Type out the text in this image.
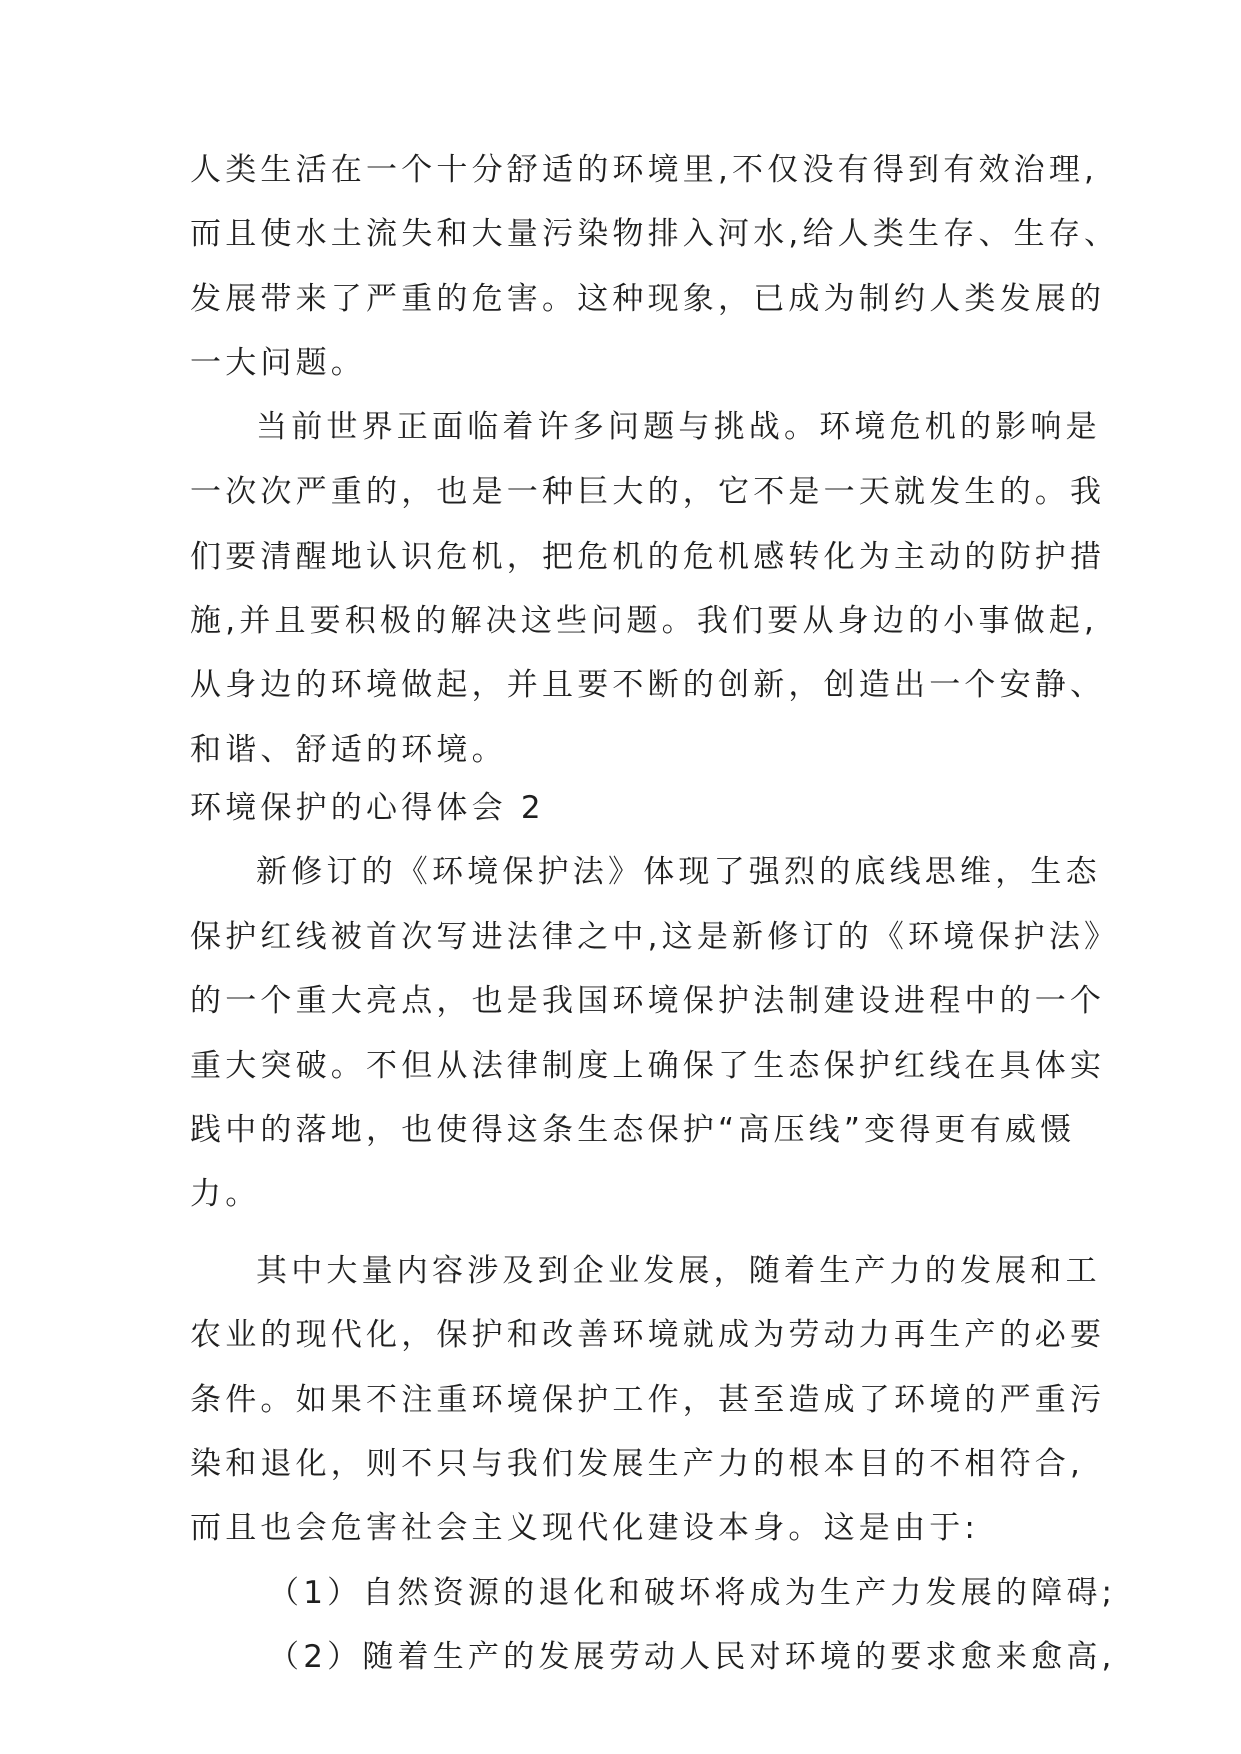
人类生活在一个十分舒适的环境里,不仅没有得到有效治理,

而且使水土流失和大量污染物排入河水,给人类生存、生存、

发展带来了严重的危害。这种现象，已成为制约人类发展的

一大问题。

当前世界正面临着许多问题与挑战。环境危机的影响是

一次次严重的，也是一种巨大的，它不是一天就发生的。我

们要清醒地认识危机，把危机的危机感转化为主动的防护措

施,并且要积极的解决这些问题。我们要从身边的小事做起,

从身边的环境做起，并且要不断的创新，创造出一个安静、

和谐、舒适的环境。

环境保护的心得体会 2

新修订的《环境保护法》体现了强烈的底线思维，生态

保护红线被首次写进法律之中,这是新修订的《环境保护法》

的一个重大亮点，也是我国环境保护法制建设进程中的一个

重大突破。不但从法律制度上确保了生态保护红线在具体实

践中的落地，也使得这条生态保护“高压线”变得更有威慑

力。

其中大量内容涉及到企业发展，随着生产力的发展和工

农业的现代化，保护和改善环境就成为劳动力再生产的必要

条件。如果不注重环境保护工作，甚至造成了环境的严重污

染和退化，则不只与我们发展生产力的根本目的不相符合,

而且也会危害社会主义现代化建设本身。这是由于:

（1）自然资源的退化和破坏将成为生产力发展的障碍;

（2）随着生产的发展劳动人民对环境的要求愈来愈高,
